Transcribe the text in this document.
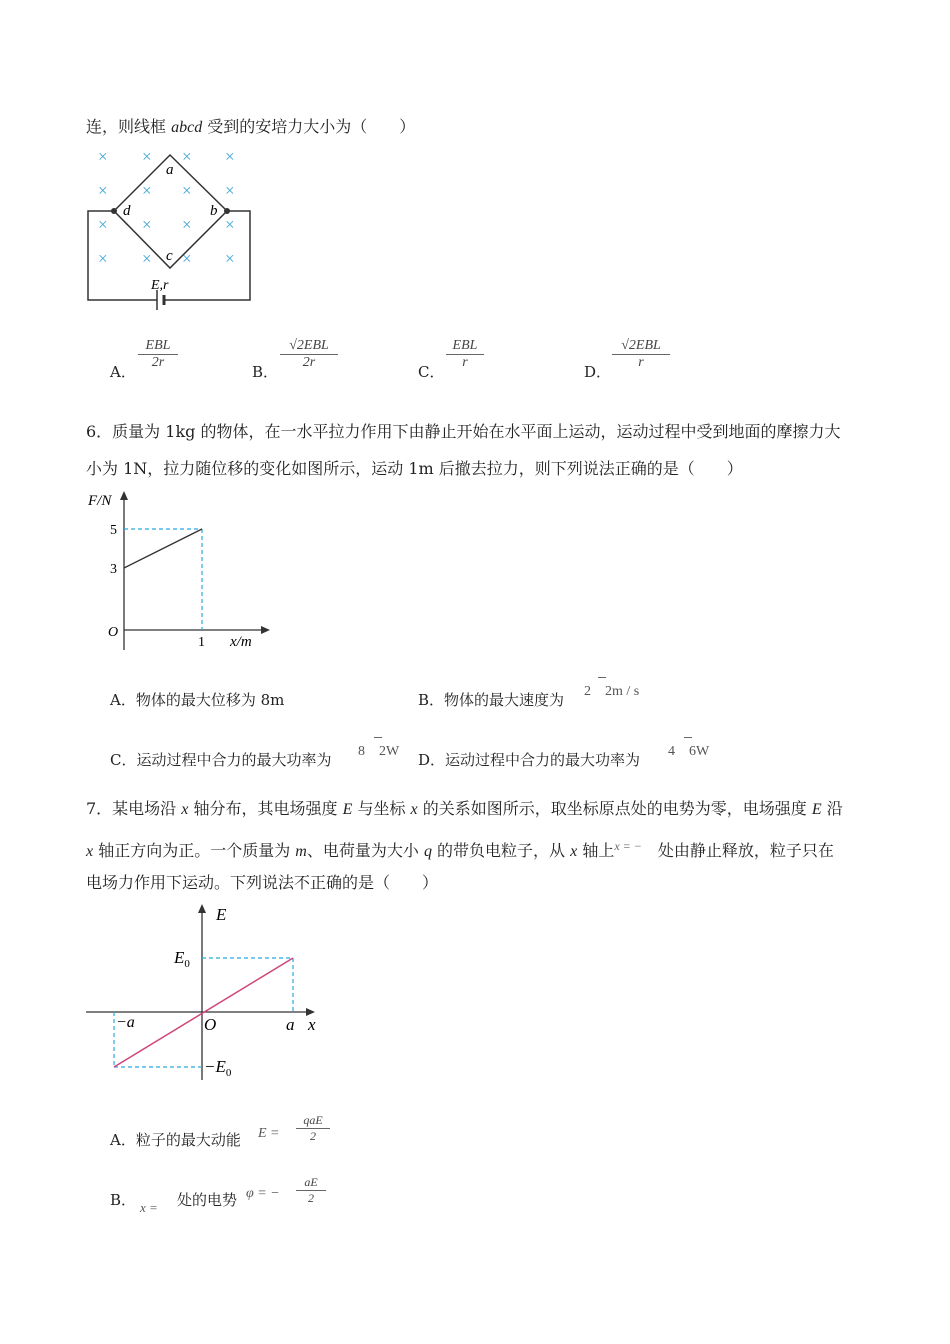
连，则线框 abcd 受到的安培力大小为（　　）
× × × ×
× × × ×
× × × ×
× × × ×
a
b
c
d
E,r
A．
EBL
2r
B．
√2EBL
2r
C．
EBL
r
D．
√2EBL
r
6．质量为 1kg 的物体，在一水平拉力作用下由静止开始在水平面上运动，运动过程中受到地面的摩擦力大
小为 1N，拉力随位移的变化如图所示，运动 1m 后撤去拉力，则下列说法正确的是（　　）
F/N
5
3
O
1 x/m
A．物体的最大位移为 8m	B．物体的最大速度为 2　2m / s
C．运动过程中合力的最大功率为 8　2W D．运动过程中合力的最大功率为 4　6W
7．某电场沿 x 轴分布，其电场强度 E 与坐标 x 的关系如图所示，取坐标原点处的电势为零，电场强度 E 沿
x 轴正方向为正。一个质量为 m、电荷量为大小 q 的带负电粒子，从 x 轴上$^{x = -}$　处由静止释放，粒子只在
电场力作用下运动。下列说法不正确的是（　　）
E
$E_0$
O	a x
−a
$-E_0$
A．粒子的最大动能 E =
qaE
2
B． x = 　处的电势 φ = − $\frac{aE}{2}$
